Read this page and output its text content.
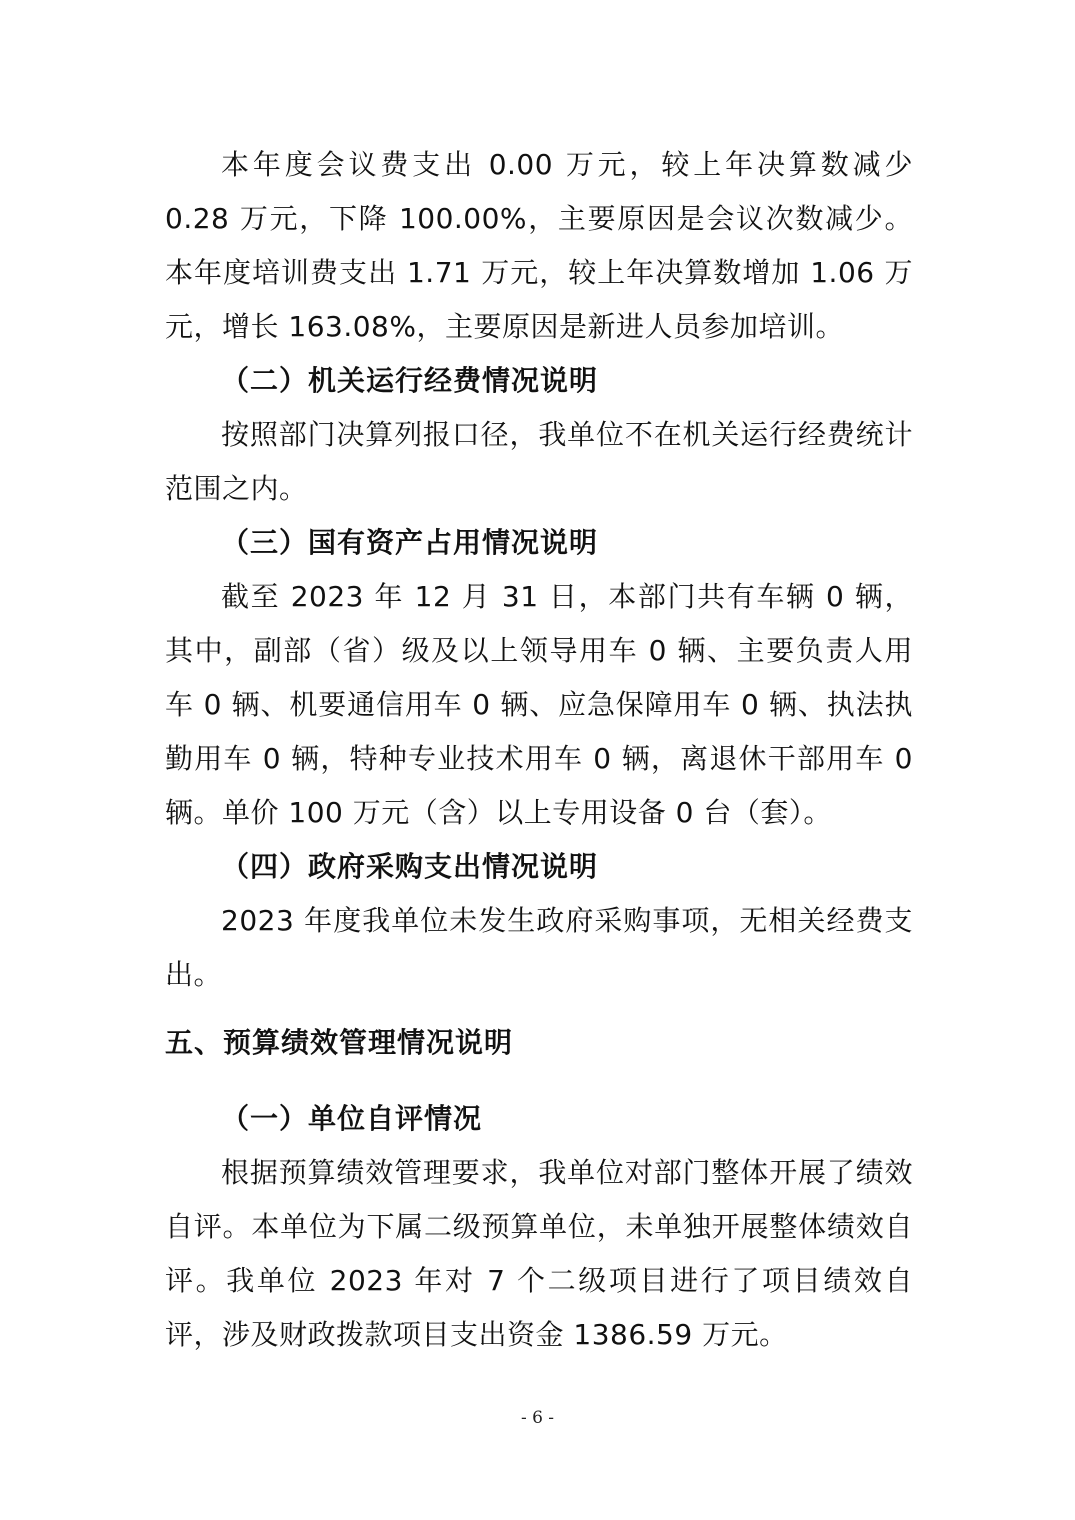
本年度会议费支出 0.00 万元，较上年决算数减少 0.28 万元，下降 100.00%，主要原因是会议次数减少。本年度培训费支出 1.71 万元，较上年决算数增加 1.06 万元，增长 163.08%，主要原因是新进人员参加培训。

（二）机关运行经费情况说明

按照部门决算列报口径，我单位不在机关运行经费统计范围之内。

（三）国有资产占用情况说明

截至 2023 年 12 月 31 日，本部门共有车辆 0 辆，其中，副部（省）级及以上领导用车 0 辆、主要负责人用车 0 辆、机要通信用车 0 辆、应急保障用车 0 辆、执法执勤用车 0 辆，特种专业技术用车 0 辆，离退休干部用车 0 辆。单价 100 万元（含）以上专用设备 0 台（套）。

（四）政府采购支出情况说明

2023 年度我单位未发生政府采购事项，无相关经费支出。

五、预算绩效管理情况说明

（一）单位自评情况

根据预算绩效管理要求，我单位对部门整体开展了绩效自评。本单位为下属二级预算单位，未单独开展整体绩效自评。我单位 2023 年对 7 个二级项目进行了项目绩效自评，涉及财政拨款项目支出资金 1386.59 万元。

- 6 -
